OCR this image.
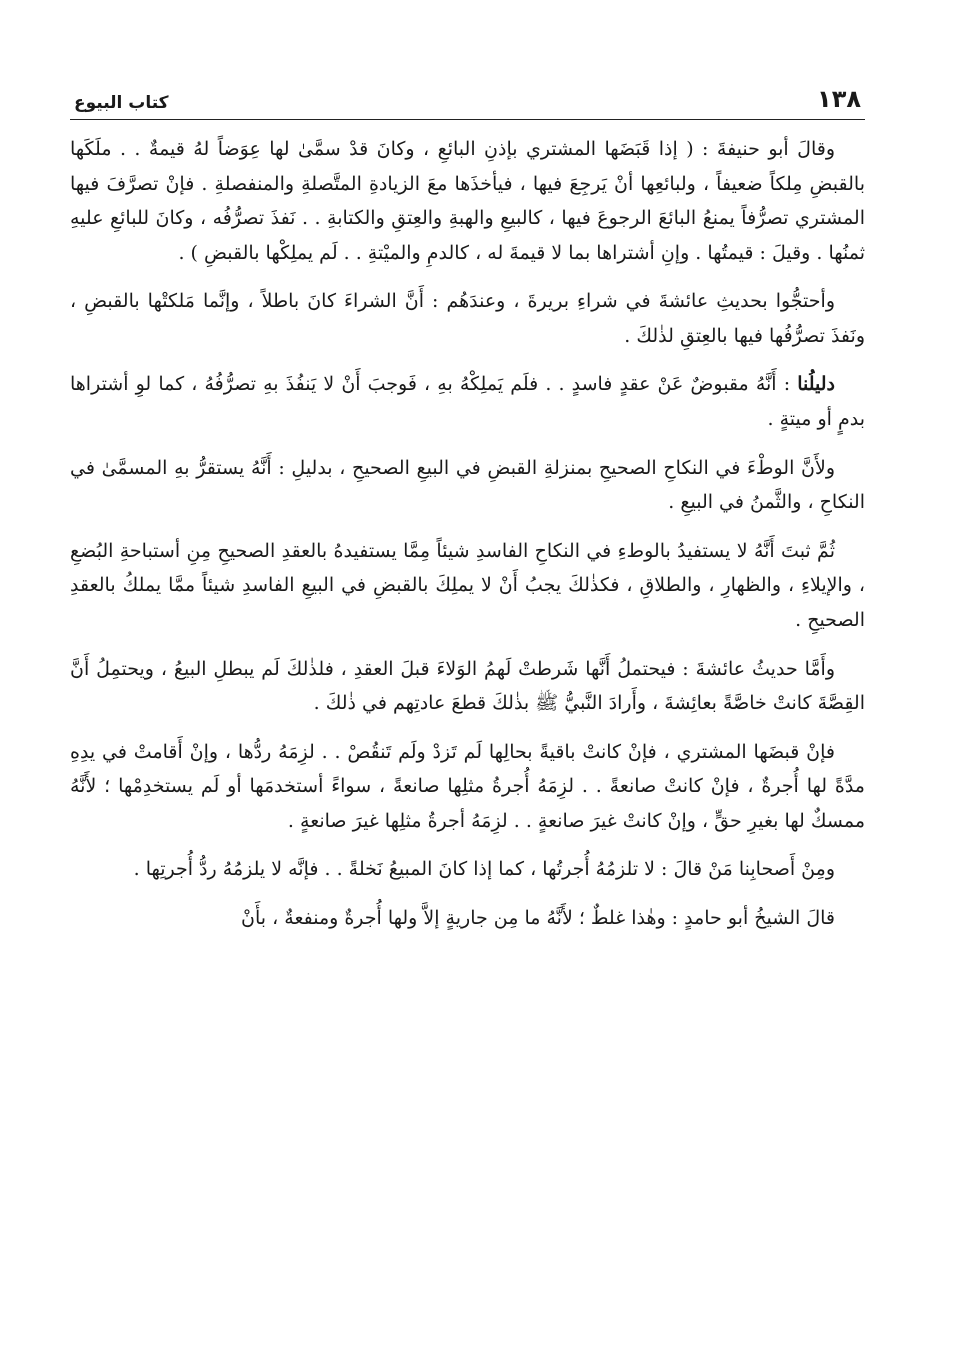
١٣٨
كتاب البيوع

وقالَ أبو حنيفةَ : ( إذا قَبَضَها المشتري بإذنِ البائعِ ، وكانَ قدْ سمَّىٰ لها عِوَضاً لهُ قيمةٌ . . ملَكَها بالقبضِ مِلكاً ضعيفاً ، ولبائعِها أنْ يَرجِعَ فيها ، فيأخذَها معَ الزيادةِ المتَّصلةِ والمنفصلةِ . فإنْ تصرَّفَ فيها المشتري تصرُّفاً يمنعُ البائعَ الرجوعَ فيها ، كالبيعِ والهبةِ والعِتقِ والكتابةِ . . نَفذَ تصرُّفُه ، وكانَ للبائعِ عليهِ ثمنُها . وقيلَ : قيمتُها . وإنِ أشتراها بما لا قيمةَ له ، كالدمِ والميْتةِ . . لَم يملِكْها بالقبضِ ) .

وأحتجُّوا بحديثِ عائشةَ في شراءِ بريرةَ ، وعندَهُم : أَنَّ الشراءَ كانَ باطلاً ، وإنَّما مَلكتْها بالقبضِ ، ونَفذَ تصرُّفُها فيها بالعِتقِ لذٰلكَ .

دليلُنا : أَنَّهُ مقبوضٌ عَنْ عقدٍ فاسدٍ . . فلَم يَملِكْهُ بهِ ، فَوجبَ أَنْ لا يَنفُذَ بهِ تصرُّفُهُ ، كما لوِ أشتراها بدمٍ أو ميتةٍ .

ولأَنَّ الوطْءَ في النكاحِ الصحيحِ بمنزلةِ القبضِ في البيعِ الصحيحِ ، بدليلِ : أَنَّهُ يستقرُّ بهِ المسمَّىٰ في النكاحِ ، والثَّمنُ في البيعِ .

ثُمَّ ثبتَ أَنَّهُ لا يستفيدُ بالوطءِ في النكاحِ الفاسدِ شيئاً مِمَّا يستفيدهُ بالعقدِ الصحيحِ مِنِ أستباحةِ البُضعِ ، والإيلاءِ ، والظهارِ ، والطلاقِ ، فكذٰلكَ يجبُ أَنْ لا يملِكَ بالقبضِ في البيعِ الفاسدِ شيئاً ممَّا يملكُ بالعقدِ الصحيحِ .

وأَمَّا حديثُ عائشةَ : فيحتملُ أَنَّها شَرطتْ لَهمُ الوَلاءَ قبلَ العقدِ ، فلذٰلكَ لَم يبطلِ البيعُ ، ويحتمِلُ أَنَّ القِصَّةَ كانتْ خاصَّةً بعائِشةَ ، وأَرادَ النَّبيُّ ﷺ بذٰلكَ قطعَ عادتِهم في ذٰلكَ .

فإنْ قبضَها المشتري ، فإنْ كانتْ باقيةً بحالِها لَم تَزدْ ولَم تَنقُصْ . . لزِمَهُ ردُّها ، وإنْ أَقامتْ في يدِهِ مدَّةً لها أُجرةٌ ، فإنْ كانتْ صانعةً . . لزِمَهُ أُجرةُ مثلِها صانعةً ، سواءً أستخدمَها أو لَم يستخدِمْها ؛ لأَنَّهُ ممسكٌ لها بغيرِ حقٍّ ، وإنْ كانتْ غيرَ صانعةٍ . . لزِمَهُ أجرةُ مثلِها غيرَ صانعةٍ .

ومِنْ أَصحابِنا مَنْ قالَ : لا تلزمُهُ أُجرتُها ، كما إذا كانَ المبيعُ نَخلةً . . فإنَّه لا يلزمُهُ ردُّ أُجرتِها .

قالَ الشيخُ أبو حامدٍ : وهٰذا غلطٌ ؛ لأَنَّهُ ما مِن جاريةٍ إلاَّ ولها أُجرةٌ ومنفعةٌ ، بأَنْ
